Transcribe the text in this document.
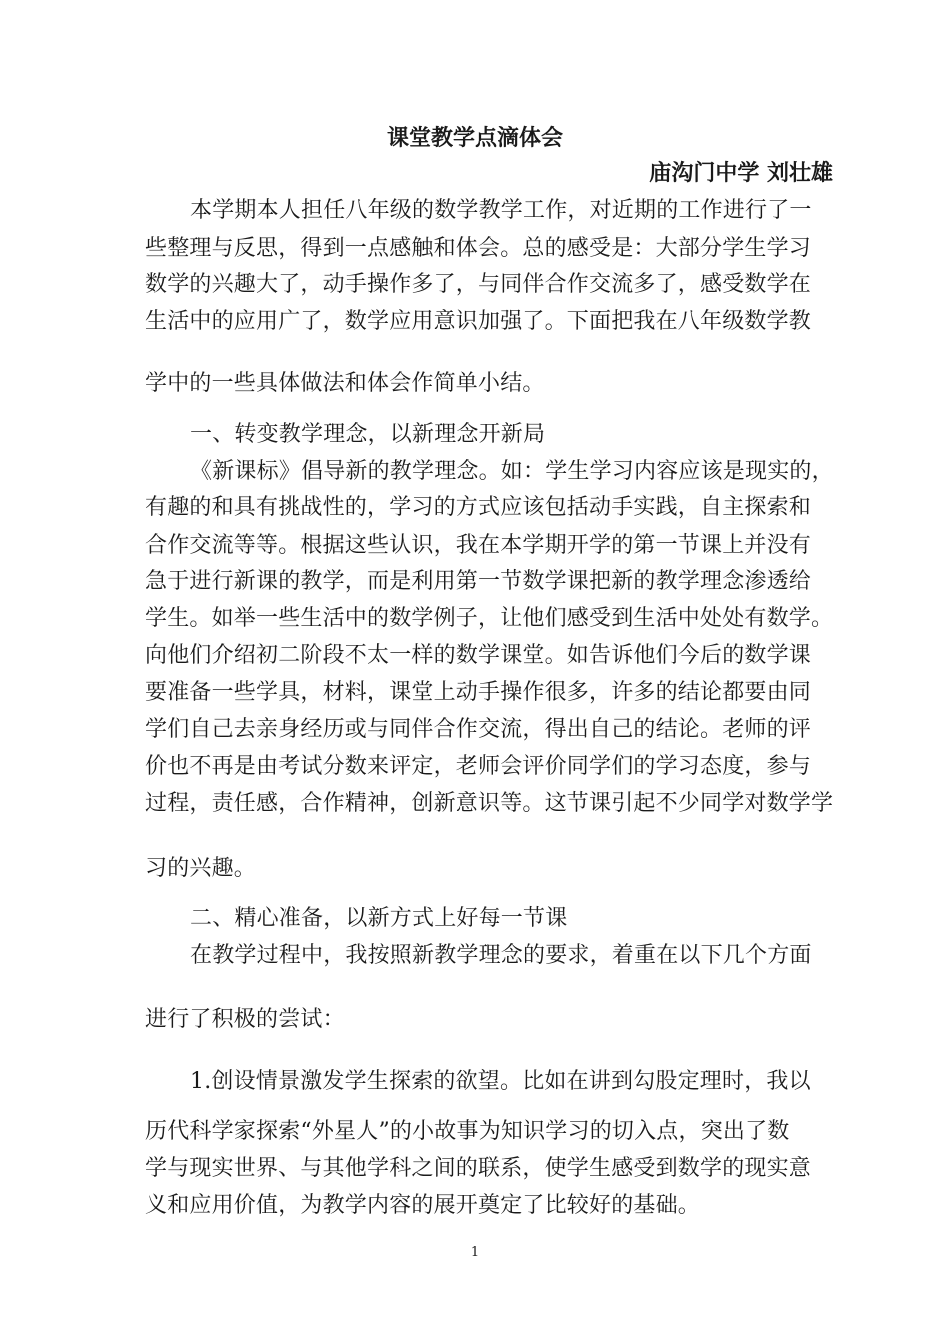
课堂教学点滴体会
庙沟门中学 刘壮雄
本学期本人担任八年级的数学教学工作，对近期的工作进行了一
些整理与反思，得到一点感触和体会。总的感受是：大部分学生学习
数学的兴趣大了，动手操作多了，与同伴合作交流多了，感受数学在
生活中的应用广了，数学应用意识加强了。下面把我在八年级数学教
学中的一些具体做法和体会作简单小结。
一、转变教学理念，以新理念开新局
《新课标》倡导新的教学理念。如：学生学习内容应该是现实的，
有趣的和具有挑战性的，学习的方式应该包括动手实践，自主探索和
合作交流等等。根据这些认识，我在本学期开学的第一节课上并没有
急于进行新课的教学，而是利用第一节数学课把新的教学理念渗透给
学生。如举一些生活中的数学例子，让他们感受到生活中处处有数学。
向他们介绍初二阶段不太一样的数学课堂。如告诉他们今后的数学课
要准备一些学具，材料，课堂上动手操作很多，许多的结论都要由同
学们自己去亲身经历或与同伴合作交流，得出自己的结论。老师的评
价也不再是由考试分数来评定，老师会评价同学们的学习态度，参与
过程，责任感，合作精神，创新意识等。这节课引起不少同学对数学学
习的兴趣。
二、精心准备，以新方式上好每一节课
在教学过程中，我按照新教学理念的要求，着重在以下几个方面
进行了积极的尝试：
1.创设情景激发学生探索的欲望。比如在讲到勾股定理时，我以
历代科学家探索“外星人”的小故事为知识学习的切入点，突出了数
学与现实世界、与其他学科之间的联系，使学生感受到数学的现实意
义和应用价值，为教学内容的展开奠定了比较好的基础。
1
